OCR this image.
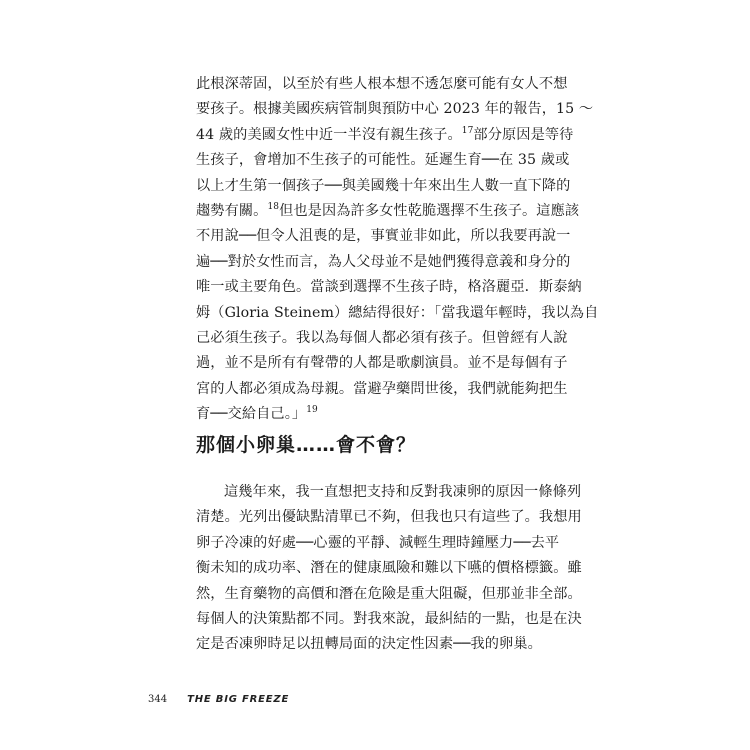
此根深蒂固，以至於有些人根本想不透怎麼可能有女人不想
要孩子。根據美國疾病管制與預防中心 2023 年的報告，15 ～
44 歲的美國女性中近一半沒有親生孩子。$^{17}$部分原因是等待
生孩子，會增加不生孩子的可能性。延遲生育──在 35 歲或
以上才生第一個孩子──與美國幾十年來出生人數一直下降的
趨勢有關。$^{18}$但也是因為許多女性乾脆選擇不生孩子。這應該
不用說──但令人沮喪的是，事實並非如此，所以我要再說一
遍──對於女性而言，為人父母並不是她們獲得意義和身分的
唯一或主要角色。當談到選擇不生孩子時，格洛麗亞．斯泰納
姆（Gloria Steinem）總結得很好：「當我還年輕時，我以為自
己必須生孩子。我以為每個人都必須有孩子。但曾經有人說
過，並不是所有有聲帶的人都是歌劇演員。並不是每個有子
宮的人都必須成為母親。當避孕藥問世後，我們就能夠把生
育──交給自己。」$^{19}$
那個小卵巢……會不會？
這幾年來，我一直想把支持和反對我凍卵的原因一條條列
清楚。光列出優缺點清單已不夠，但我也只有這些了。我想用
卵子冷凍的好處──心靈的平靜、減輕生理時鐘壓力──去平
衡未知的成功率、潛在的健康風險和難以下嚥的價格標籤。雖
然，生育藥物的高價和潛在危險是重大阻礙，但那並非全部。
每個人的決策點都不同。對我來說，最糾結的一點，也是在決
定是否凍卵時足以扭轉局面的決定性因素──我的卵巢。
344 THE BIG FREEZE
